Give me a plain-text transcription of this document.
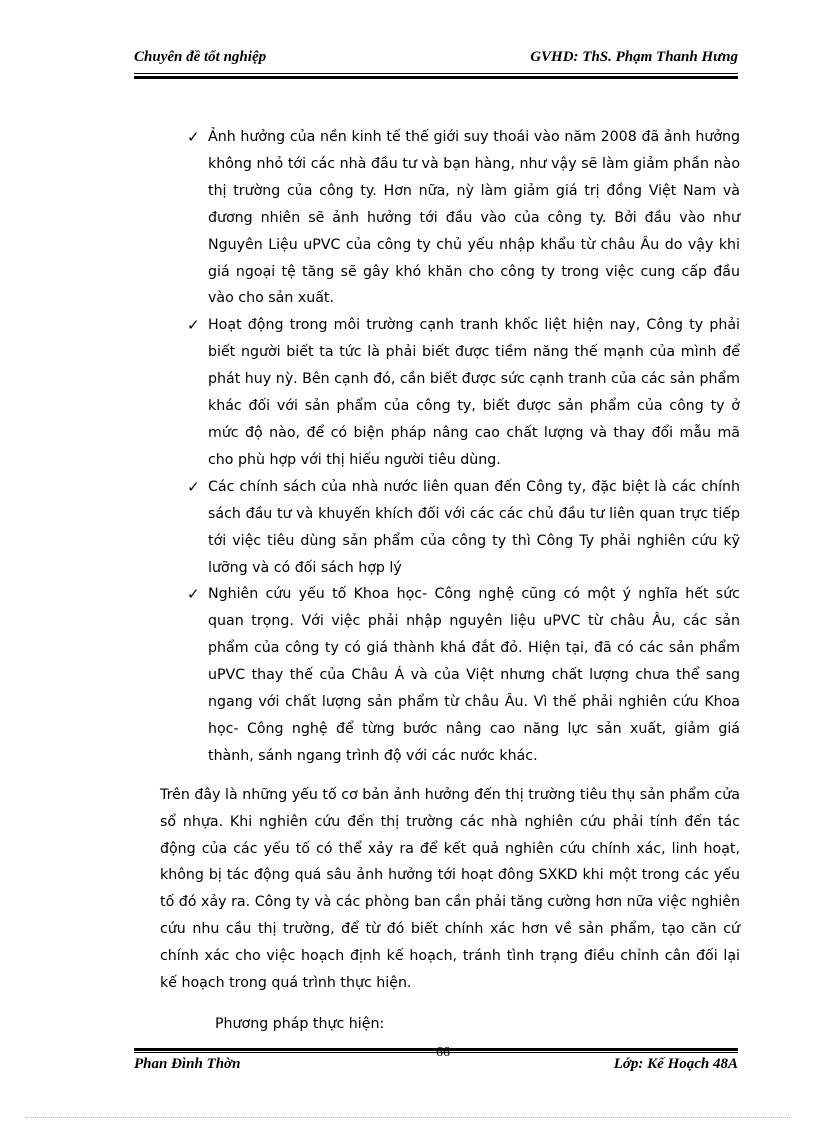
Chuyên đề tốt nghiệp	GVHD: ThS. Phạm Thanh Hưng
✓ Ảnh hưởng của nền kinh tế thế giới suy thoái vào năm 2008 đã ảnh hưởng không nhỏ tới các nhà đầu tư và bạn hàng, như vậy sẽ làm giảm phần nào thị trường của công ty. Hơn nữa, nỳ làm giảm giá trị đồng Việt Nam và đương nhiên sẽ ảnh hưởng tới đầu vào của công ty. Bởi đầu vào như Nguyên Liệu uPVC của công ty chủ yếu nhập khẩu từ châu Âu do vậy khi giá ngoại tệ tăng sẽ gây khó khăn cho công ty trong việc cung cấp đầu vào cho sản xuất.
✓ Hoạt động trong môi trường cạnh tranh khốc liệt hiện nay, Công ty phải biết người biết ta tức là phải biết được tiềm năng thế mạnh của mình để phát huy nỳ. Bên cạnh đó, cần biết được sức cạnh tranh của các sản phẩm khác đối với sản phẩm của công ty, biết được sản phẩm của công ty ở mức độ nào, để có biện pháp nâng cao chất lượng và thay đổi mẫu mã cho phù hợp với thị hiếu người tiêu dùng.
✓ Các chính sách của nhà nước liên quan đến Công ty, đặc biệt là các chính sách đầu tư và khuyến khích đối với các các chủ đầu tư liên quan trực tiếp tới việc tiêu dùng sản phẩm của công ty thì Công Ty phải nghiên cứu kỹ lưỡng và có đối sách hợp lý
✓ Nghiên cứu yếu tố Khoa học- Công nghệ cũng có một ý nghĩa hết sức quan trọng. Với việc phải nhập nguyên liệu uPVC từ châu Âu, các sản phẩm của công ty có giá thành khá đắt đỏ. Hiện tại, đã có các sản phẩm uPVC thay thế của Châu Á và của Việt nhưng chất lượng chưa thể sang ngang với chất lượng sản phẩm từ châu Âu. Vì thế phải nghiên cứu Khoa học- Công nghệ để từng bước nâng cao năng lực sản xuất, giảm giá thành, sánh ngang trình độ với các nước khác.
Trên đây là những yếu tố cơ bản ảnh hưởng đến thị trường tiêu thụ sản phẩm cửa sổ nhựa. Khi nghiên cứu đến thị trường các nhà nghiên cứu phải tính đến tác động của các yếu tố có thể xảy ra để kết quả nghiên cứu chính xác, linh hoạt, không bị tác động quá sâu ảnh hưởng tới hoạt đông SXKD khi một trong các yếu tố đó xảy ra. Công ty và các phòng ban cần phải tăng cường hơn nữa việc nghiên cứu nhu cầu thị trường, để từ đó biết chính xác hơn về sản phẩm, tạo căn cứ chính xác cho việc hoạch định kế hoạch, tránh tình trạng điều chỉnh cân đối lại kế hoạch trong quá trình thực hiện.
Phương pháp thực hiện:
66
Phan Đình Thờn	Lớp: Kế Hoạch 48A
